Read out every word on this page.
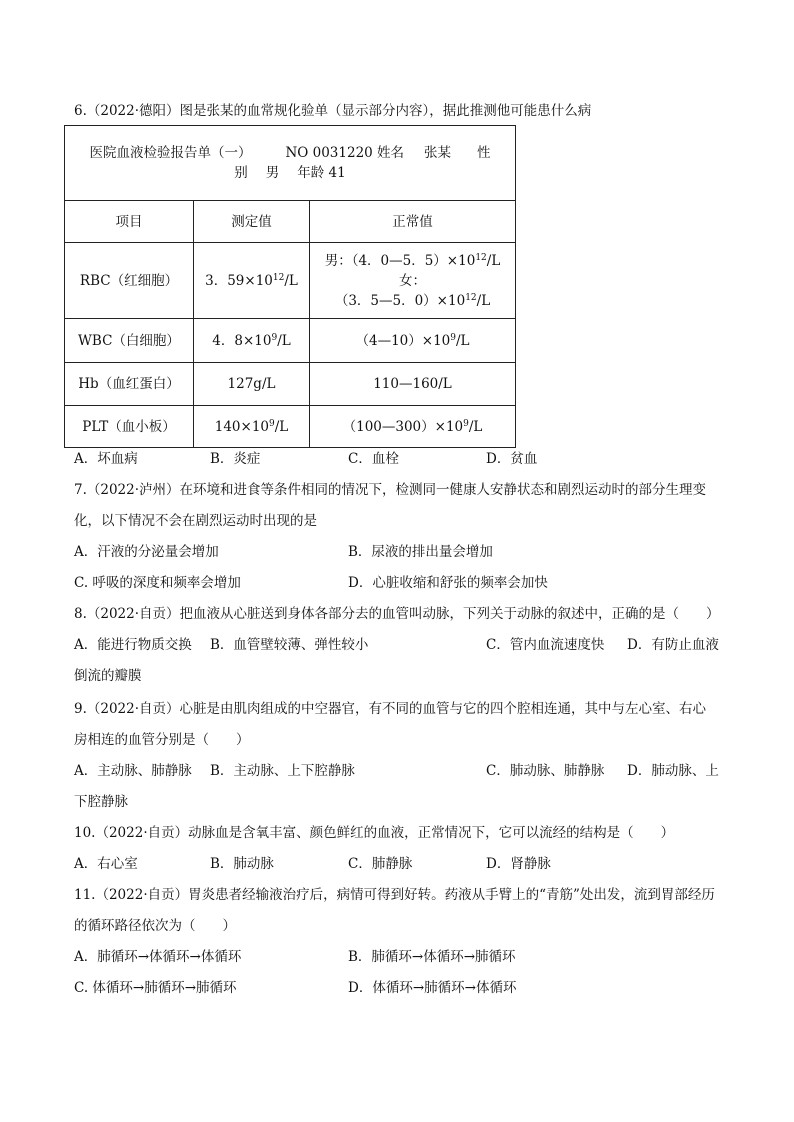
6.（2022·德阳）图是张某的血常规化验单（显示部分内容），据此推测他可能患什么病
医院血液检验报告单（一） NO 0031220 姓名 张某 性
别 男 年龄 41		

项目	测定值	正常值
RBC（红细胞）	3．$59\times 10^{12}/L$	男：（4．0—5．$5)\times 10^{12}/L$ 女：
（3．5—5．$0)\times 10^{12}/L$

WBC（白细胞）	4．$8\times 10^9/L$	$(4—10)\times 10^9/L$
Hb（血红蛋白）	127g/L	110—160/L
PLT（血小板）	$140\times 10^9/L$	$(100—300)\times 10^9/L$
A．坏血病	B．炎症	C．血栓	D．贫血
7.（2022·泸州）在环境和进食等条件相同的情况下，检测同一健康人安静状态和剧烈运动时的部分生理变
化，以下情况不会在剧烈运动时出现的是
A．汗液的分泌量会增加	B．尿液的排出量会增加
C. 呼吸的深度和频率会增加	D．心脏收缩和舒张的频率会加快
8.（2022·自贡）把血液从心脏送到身体各部分去的血管叫动脉，下列关于动脉的叙述中，正确的是（　　）
A．能进行物质交换 B．血管壁较薄、弹性较小	C．管内血流速度快 D．有防止血液
倒流的瓣膜
9.（2022·自贡）心脏是由肌肉组成的中空器官，有不同的血管与它的四个腔相连通，其中与左心室、右心
房相连的血管分别是（　　）
A．主动脉、肺静脉 B．主动脉、上下腔静脉	C．肺动脉、肺静脉 D．肺动脉、上
下腔静脉
10.（2022·自贡）动脉血是含氧丰富、颜色鲜红的血液，正常情况下，它可以流经的结构是（　　）
A．右心室	B．肺动脉	C．肺静脉	D．肾静脉
11.（2022·自贡）胃炎患者经输液治疗后，病情可得到好转。药液从手臂上的“青筋”处出发，流到胃部经历
的循环路径依次为（　　）
A．肺循环→体循环→体循环	B．肺循环→体循环→肺循环
C. 体循环→肺循环→肺循环	D．体循环→肺循环→体循环
